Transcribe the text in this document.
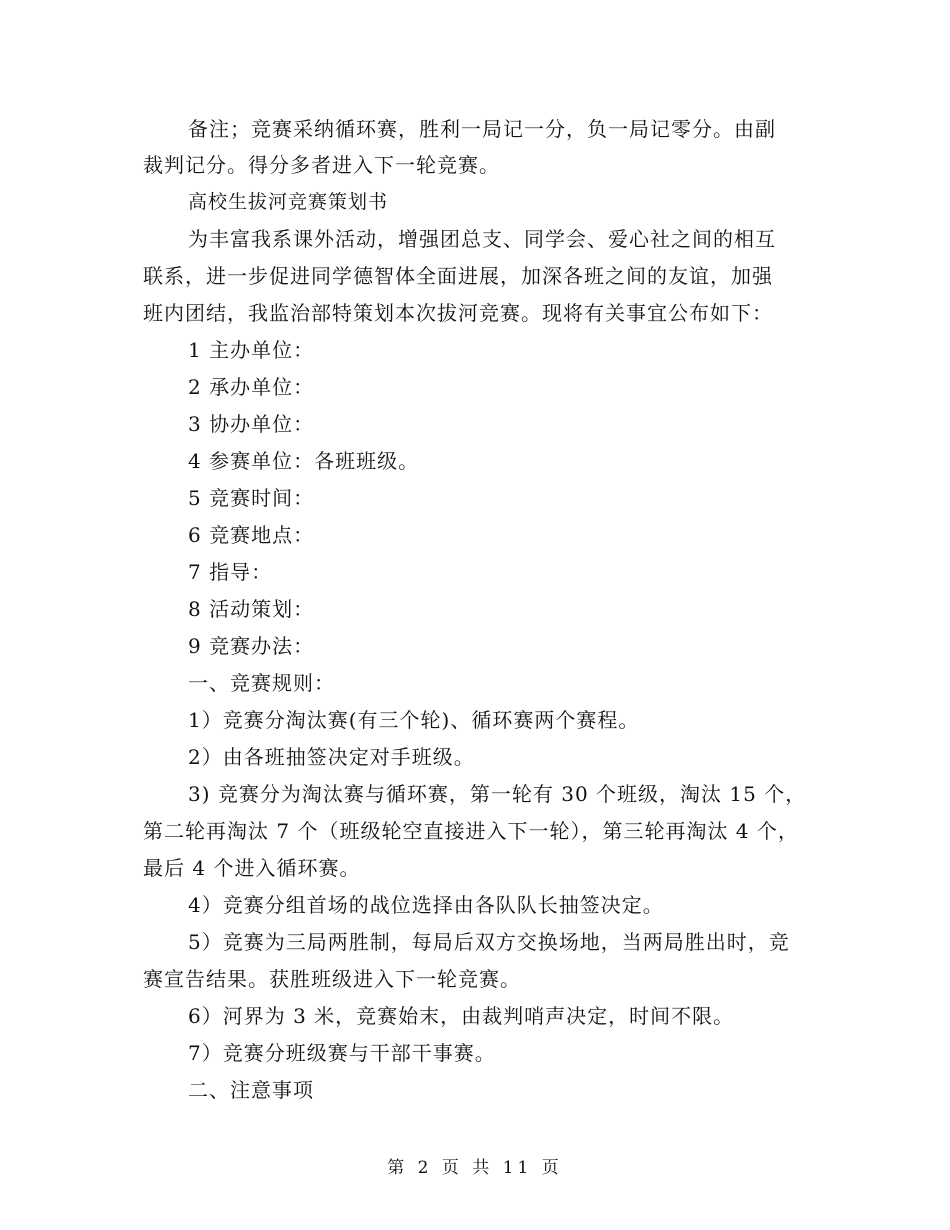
备注；竞赛采纳循环赛，胜利一局记一分，负一局记零分。由副
裁判记分。得分多者进入下一轮竞赛。
高校生拔河竞赛策划书
为丰富我系课外活动，增强团总支、同学会、爱心社之间的相互
联系，进一步促进同学德智体全面进展，加深各班之间的友谊，加强
班内团结，我监治部特策划本次拔河竞赛。现将有关事宜公布如下：
1 主办单位：
2 承办单位：
3 协办单位：
4 参赛单位：各班班级。
5 竞赛时间：
6 竞赛地点：
7 指导：
8 活动策划：
9 竞赛办法：
一、竞赛规则：
1）竞赛分淘汰赛(有三个轮)、循环赛两个赛程。
2）由各班抽签决定对手班级。
3) 竞赛分为淘汰赛与循环赛，第一轮有 30 个班级，淘汰 15 个，
第二轮再淘汰 7 个（班级轮空直接进入下一轮），第三轮再淘汰 4 个，
最后 4 个进入循环赛。
4）竞赛分组首场的战位选择由各队队长抽签决定。
5）竞赛为三局两胜制，每局后双方交换场地，当两局胜出时，竞
赛宣告结果。获胜班级进入下一轮竞赛。
6）河界为 3 米，竞赛始末，由裁判哨声决定，时间不限。
7）竞赛分班级赛与干部干事赛。
二、注意事项
第 2 页 共 11 页
